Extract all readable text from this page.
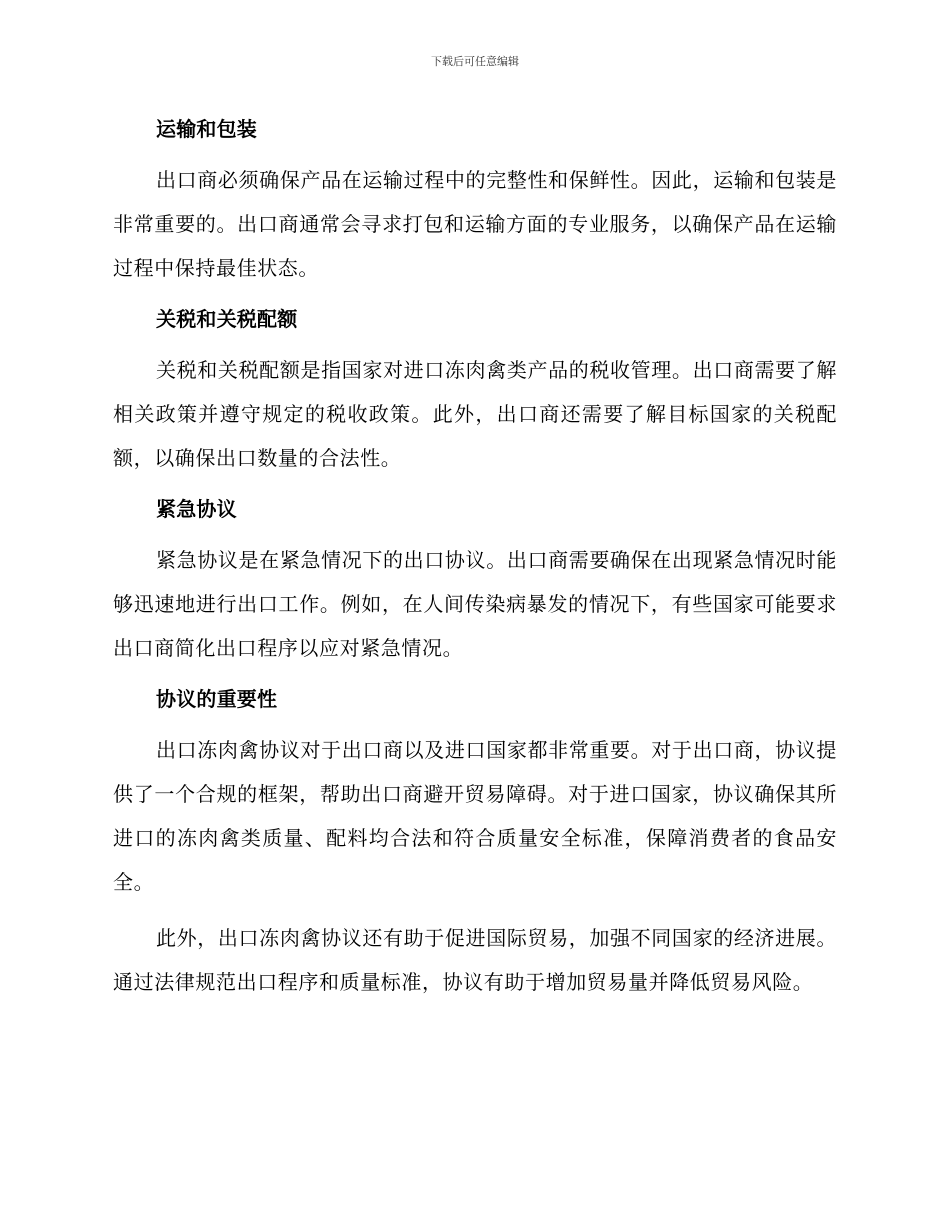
下载后可任意编辑
运输和包装

出口商必须确保产品在运输过程中的完整性和保鲜性。因此，运输和包装是非常重要的。出口商通常会寻求打包和运输方面的专业服务，以确保产品在运输过程中保持最佳状态。

关税和关税配额

关税和关税配额是指国家对进口冻肉禽类产品的税收管理。出口商需要了解相关政策并遵守规定的税收政策。此外，出口商还需要了解目标国家的关税配额，以确保出口数量的合法性。

紧急协议

紧急协议是在紧急情况下的出口协议。出口商需要确保在出现紧急情况时能够迅速地进行出口工作。例如，在人间传染病暴发的情况下，有些国家可能要求出口商简化出口程序以应对紧急情况。

协议的重要性

出口冻肉禽协议对于出口商以及进口国家都非常重要。对于出口商，协议提供了一个合规的框架，帮助出口商避开贸易障碍。对于进口国家，协议确保其所进口的冻肉禽类质量、配料均合法和符合质量安全标准，保障消费者的食品安全。

此外，出口冻肉禽协议还有助于促进国际贸易，加强不同国家的经济进展。通过法律规范出口程序和质量标准，协议有助于增加贸易量并降低贸易风险。
